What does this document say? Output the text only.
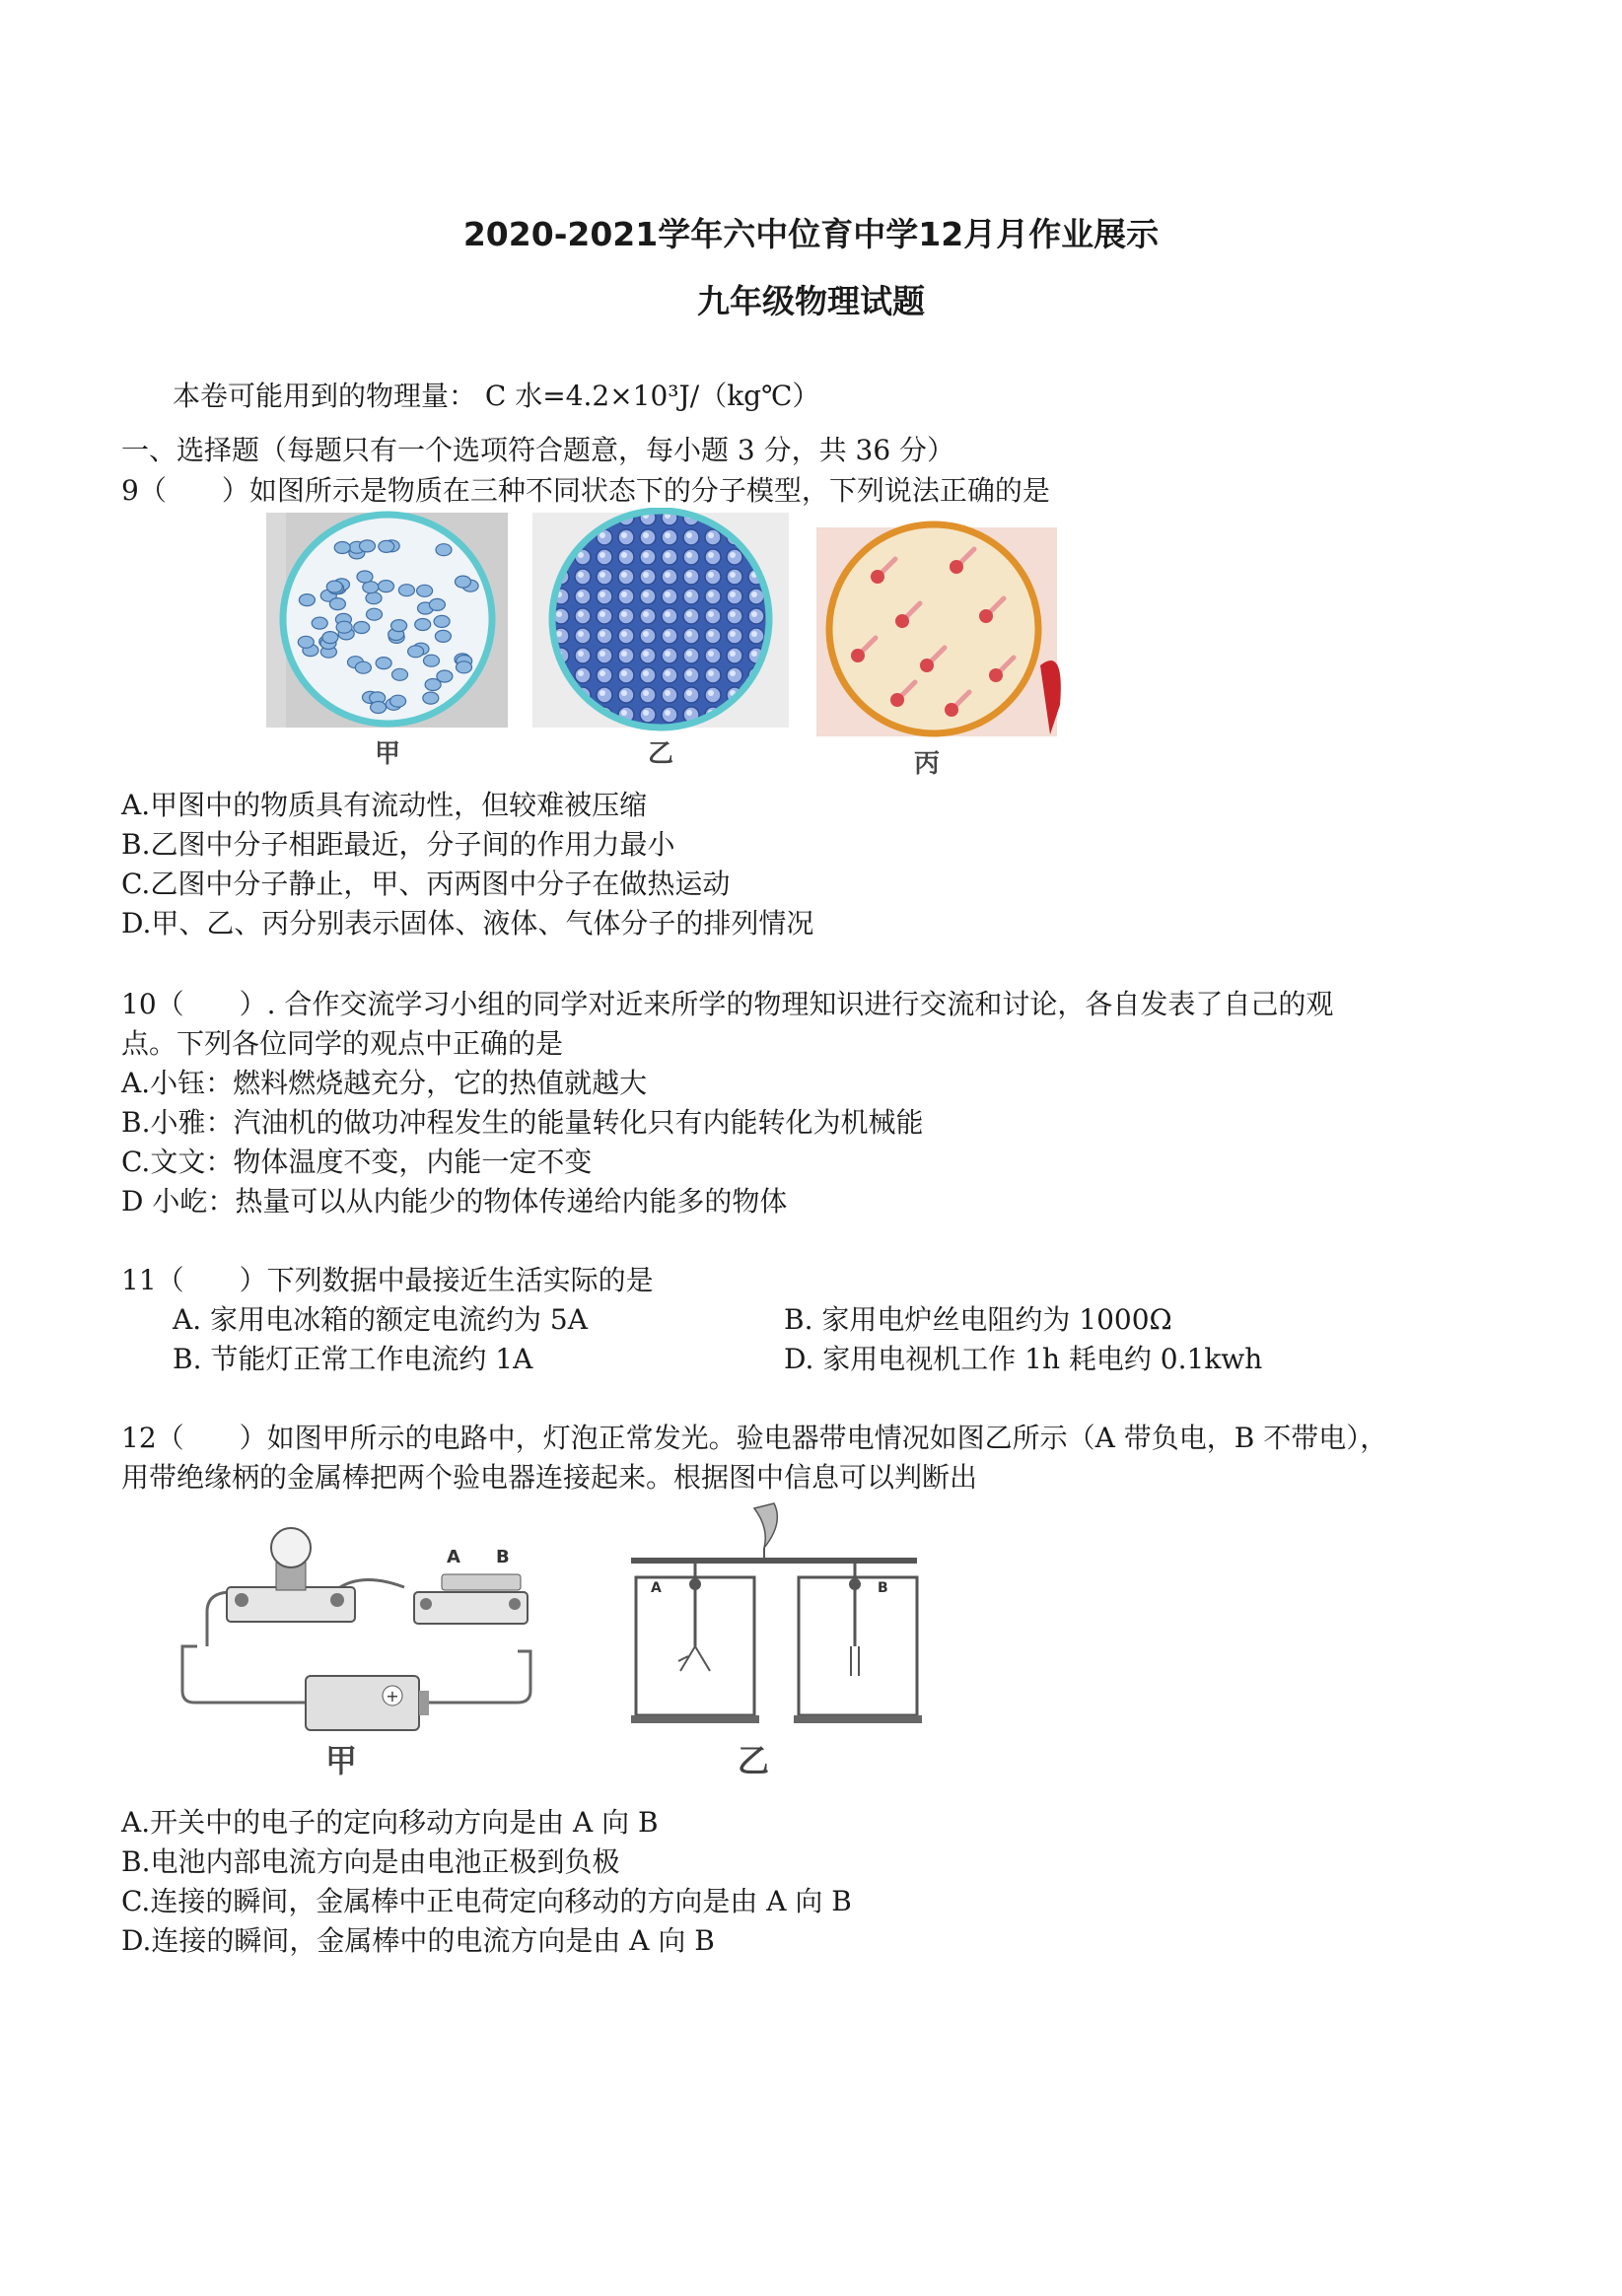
2020-2021学年六中位育中学12月月作业展示
九年级物理试题
本卷可能用到的物理量： C 水=4.2×10³J/（kg℃）
一、选择题（每题只有一个选项符合题意，每小题 3 分，共 36 分）
9（　　）如图所示是物质在三种不同状态下的分子模型，下列说法正确的是
甲	乙	丙
A.甲图中的物质具有流动性，但较难被压缩
B.乙图中分子相距最近，分子间的作用力最小
C.乙图中分子静止，甲、丙两图中分子在做热运动
D.甲、乙、丙分别表示固体、液体、气体分子的排列情况
10（　　）. 合作交流学习小组的同学对近来所学的物理知识进行交流和讨论，各自发表了自己的观
点。下列各位同学的观点中正确的是
A.小钰：燃料燃烧越充分，它的热值就越大
B.小雅：汽油机的做功冲程发生的能量转化只有内能转化为机械能
C.文文：物体温度不变，内能一定不变
D 小屹：热量可以从内能少的物体传递给内能多的物体
11（　　）下列数据中最接近生活实际的是
A. 家用电冰箱的额定电流约为 5A	B. 家用电炉丝电阻约为 1000Ω
B. 节能灯正常工作电流约 1A	D. 家用电视机工作 1h 耗电约 0.1kwh
12（　　）如图甲所示的电路中，灯泡正常发光。验电器带电情况如图乙所示（A 带负电，B 不带电），
用带绝缘柄的金属棒把两个验电器连接起来。根据图中信息可以判断出
A B
+
甲
A	B
乙
A.开关中的电子的定向移动方向是由 A 向 B
B.电池内部电流方向是由电池正极到负极
C.连接的瞬间，金属棒中正电荷定向移动的方向是由 A 向 B
D.连接的瞬间，金属棒中的电流方向是由 A 向 B
